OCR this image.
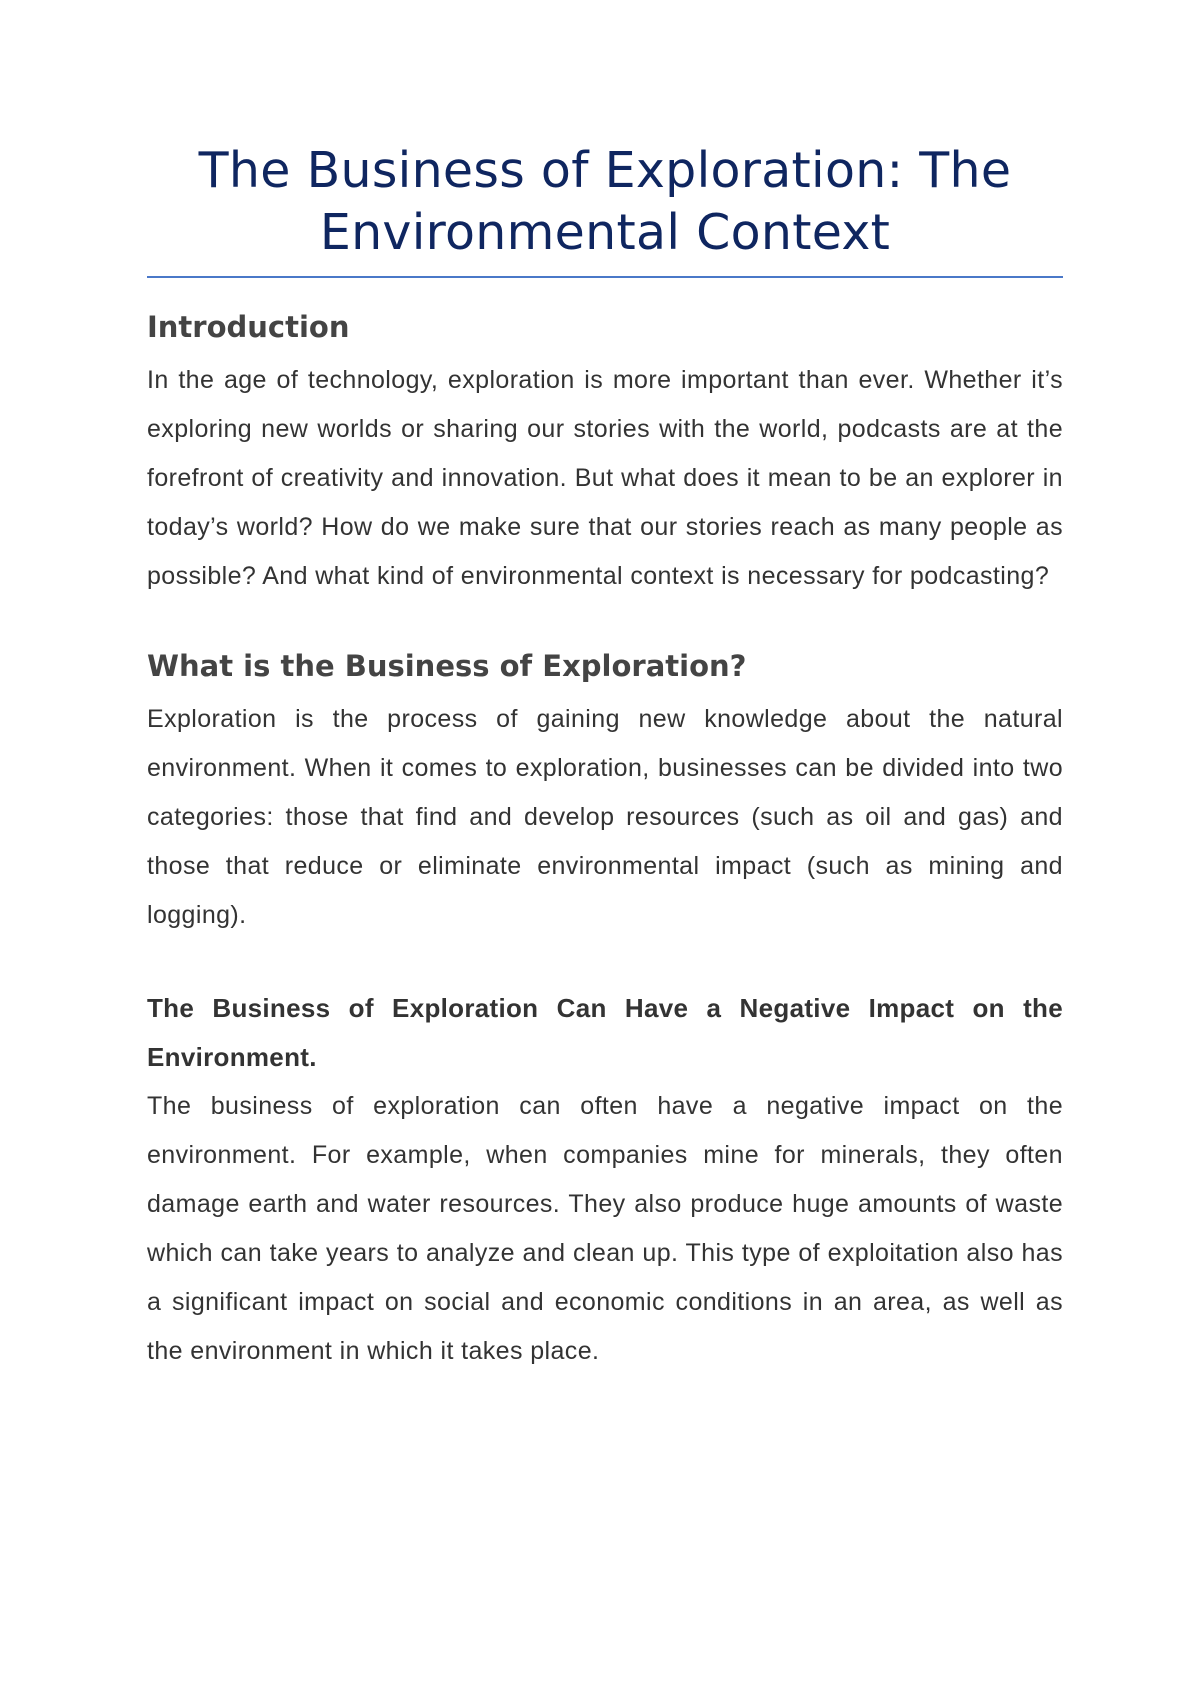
The Business of Exploration: The Environmental Context
Introduction

In the age of technology, exploration is more important than ever. Whether it’s exploring new worlds or sharing our stories with the world, podcasts are at the forefront of creativity and innovation. But what does it mean to be an explorer in today’s world? How do we make sure that our stories reach as many people as possible? And what kind of environmental context is necessary for podcasting?

What is the Business of Exploration?

Exploration is the process of gaining new knowledge about the natural environment. When it comes to exploration, businesses can be divided into two categories: those that find and develop resources (such as oil and gas) and those that reduce or eliminate environmental impact (such as mining and logging).

The Business of Exploration Can Have a Negative Impact on the Environment.

The business of exploration can often have a negative impact on the environment. For example, when companies mine for minerals, they often damage earth and water resources. They also produce huge amounts of waste which can take years to analyze and clean up. This type of exploitation also has a significant impact on social and economic conditions in an area, as well as the environment in which it takes place.
